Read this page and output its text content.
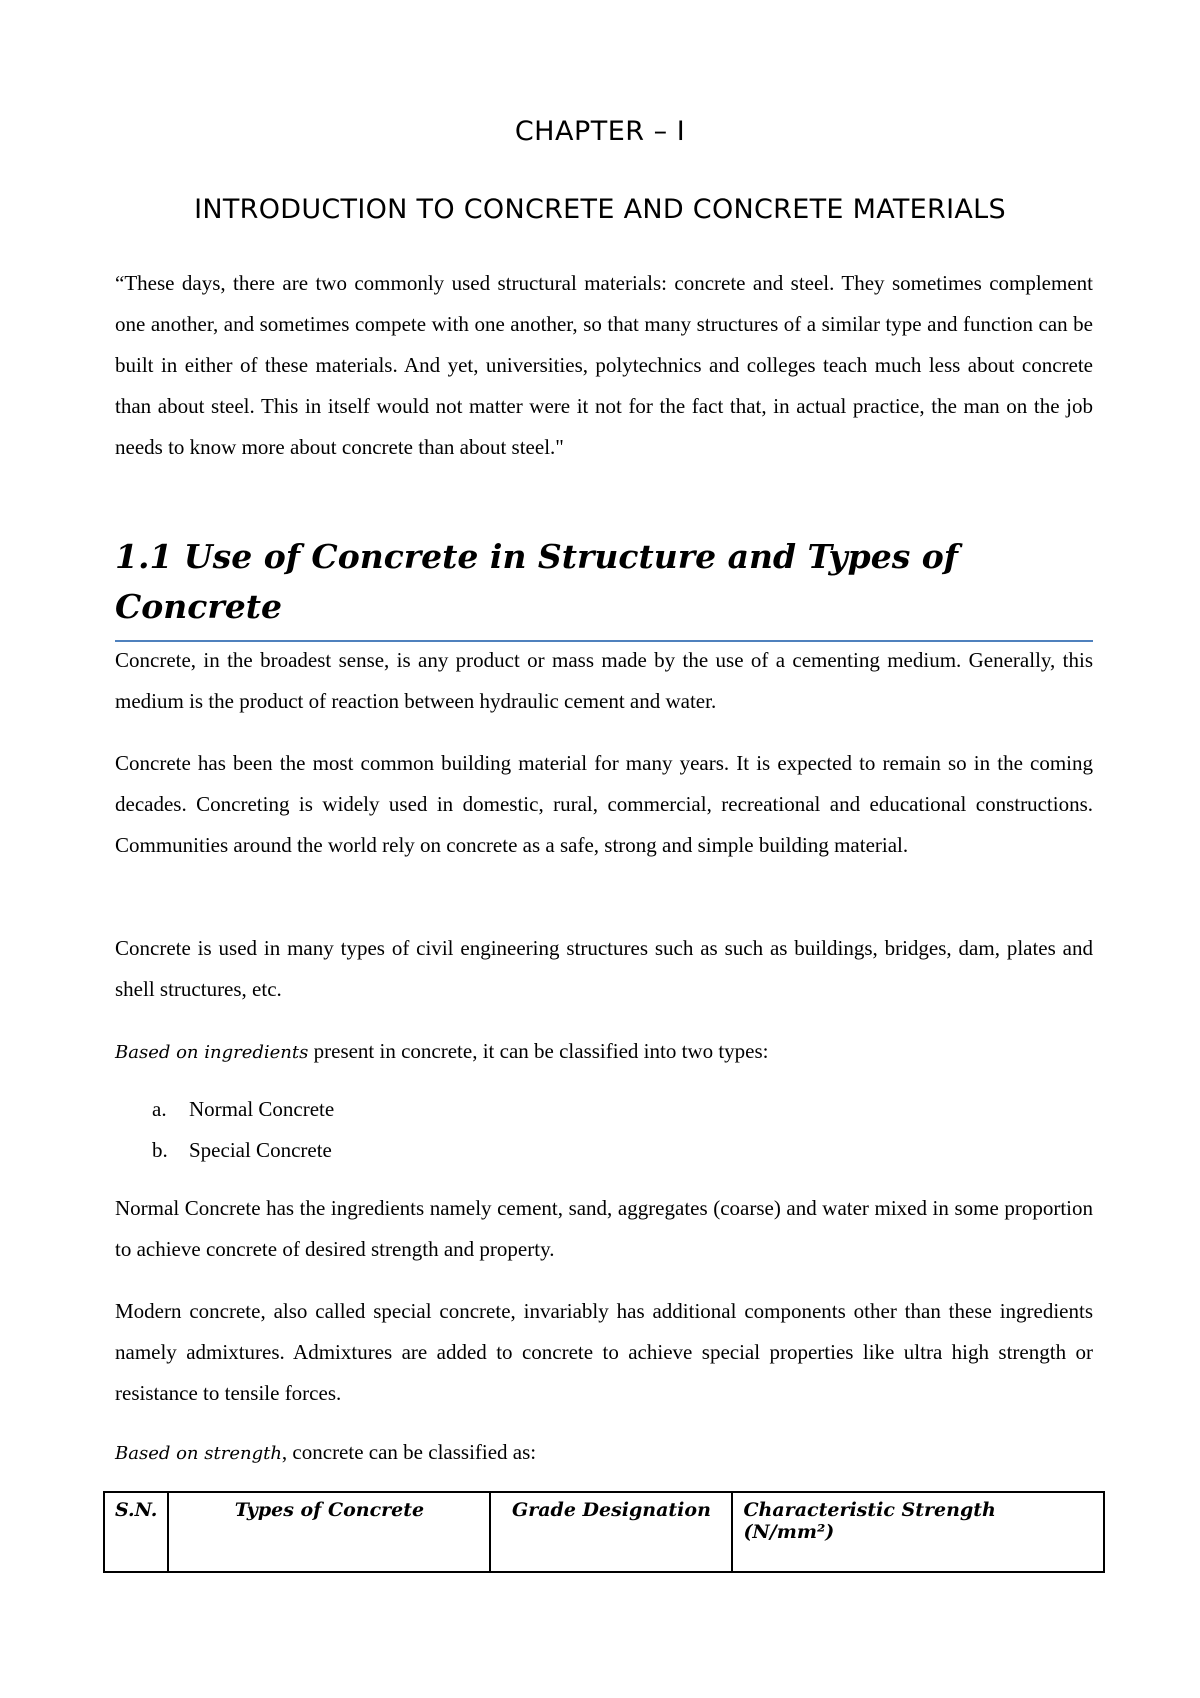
CHAPTER – I

INTRODUCTION TO CONCRETE AND CONCRETE MATERIALS

“These days, there are two commonly used structural materials: concrete and steel. They sometimes complement one another, and sometimes compete with one another, so that many structures of a similar type and function can be built in either of these materials. And yet, universities, polytechnics and colleges teach much less about concrete than about steel. This in itself would not matter were it not for the fact that, in actual practice, the man on the job needs to know more about concrete than about steel."

1.1 Use of Concrete in Structure and Types of Concrete

Concrete, in the broadest sense, is any product or mass made by the use of a cementing medium. Generally, this medium is the product of reaction between hydraulic cement and water.

Concrete has been the most common building material for many years. It is expected to remain so in the coming decades. Concreting is widely used in domestic, rural, commercial, recreational and educational constructions. Communities around the world rely on concrete as a safe, strong and simple building material.

Concrete is used in many types of civil engineering structures such as such as buildings, bridges, dam, plates and shell structures, etc.

Based on ingredients present in concrete, it can be classified into two types:

a.	Normal Concrete
b.	Special Concrete

Normal Concrete has the ingredients namely cement, sand, aggregates (coarse) and water mixed in some proportion to achieve concrete of desired strength and property.

Modern concrete, also called special concrete, invariably has additional components other than these ingredients namely admixtures. Admixtures are added to concrete to achieve special properties like ultra high strength or resistance to tensile forces.

Based on strength, concrete can be classified as:

S.N.	Types of Concrete	Grade Designation	Characteristic Strength (N/mm²)
